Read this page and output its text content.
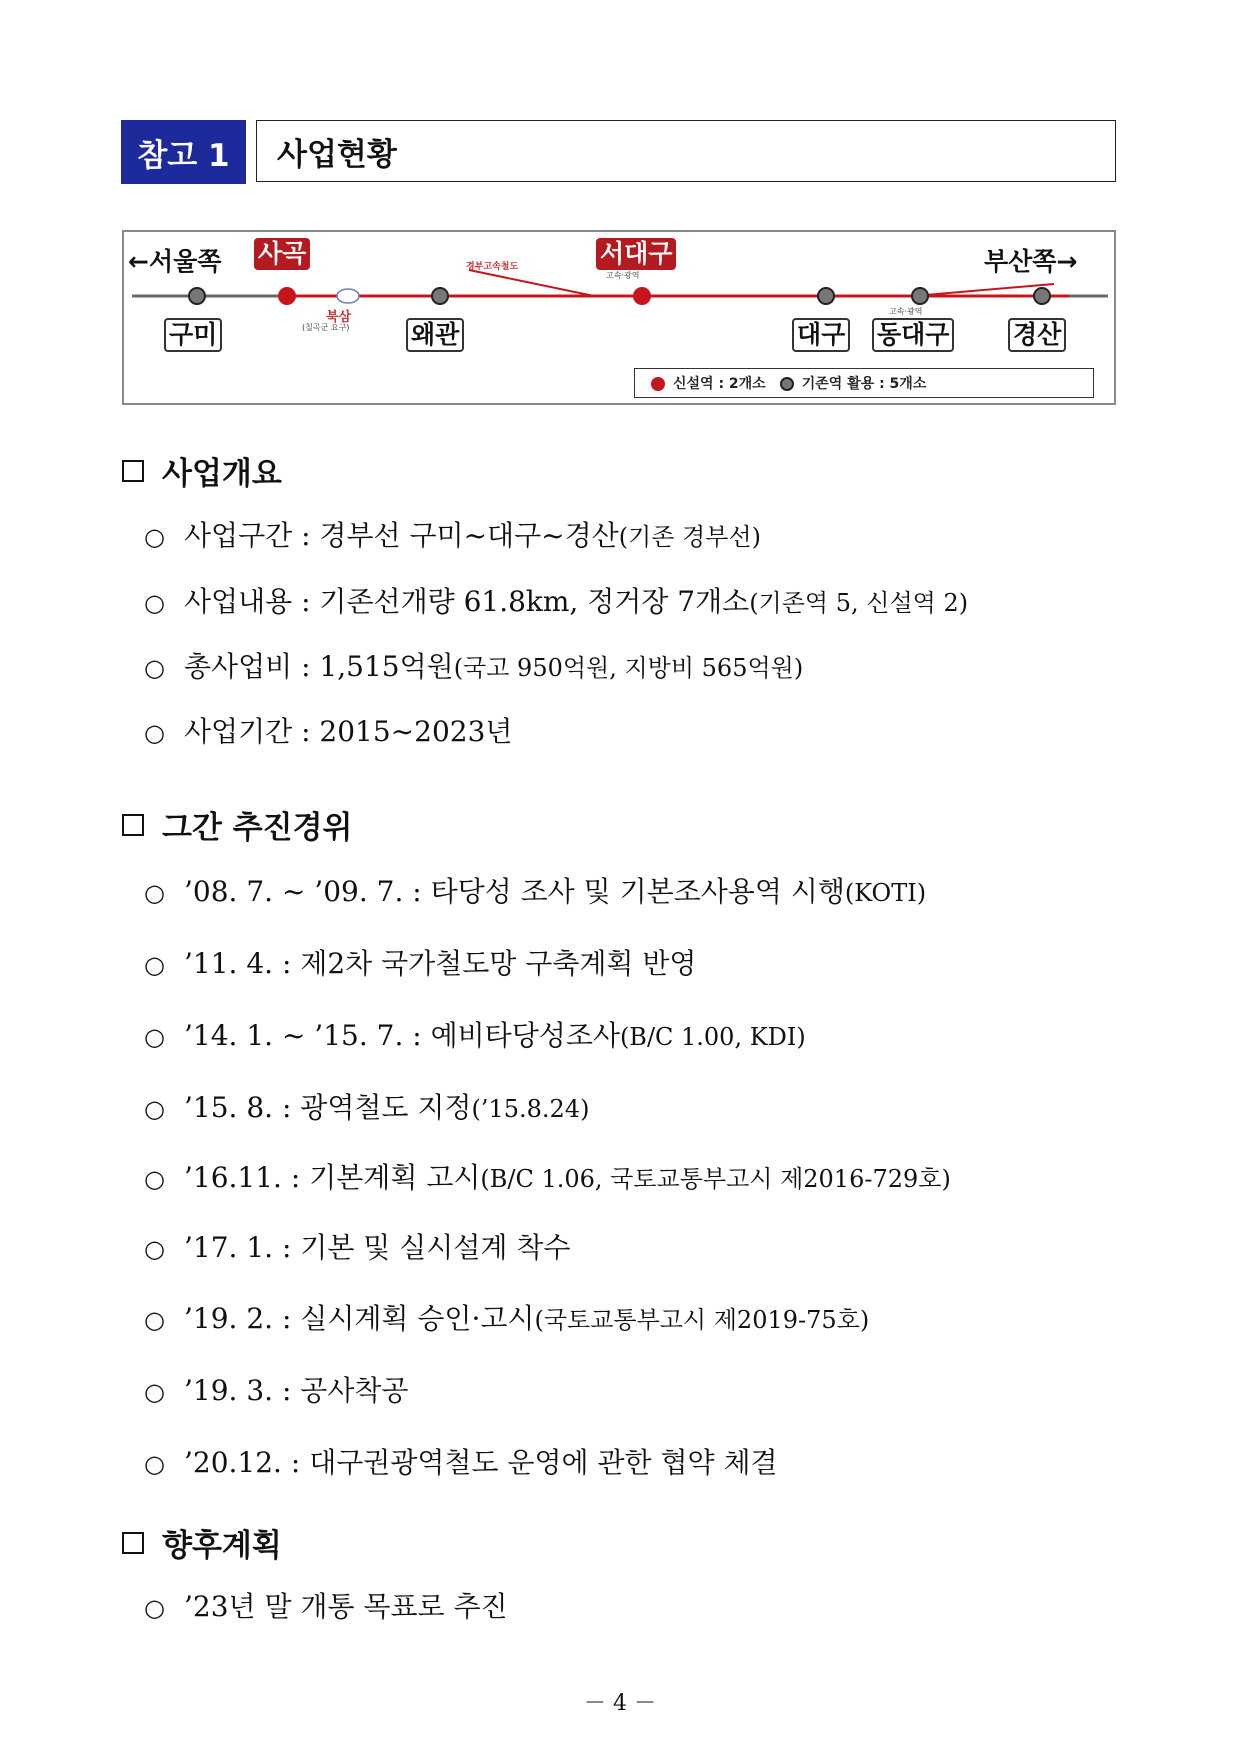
참고 1	사업현황
←서울쪽	부산쪽→
사곡	서대구
고속·광역
경부고속철도
북삼
(칠곡군 요구)
구미	왜관	대구
고속·광역
동대구	경산
신설역 : 2개소	기존역 활용 : 5개소
사업개요
○ 사업구간 : 경부선 구미~대구~경산 (기존 경부선)
○ 사업내용 : 기존선개량 61.8km, 정거장 7개소 (기존역 5, 신설역 2)
○ 총사업비 : 1,515억원 (국고 950억원, 지방비 565억원)
○ 사업기간 : 2015∼2023년
그간 추진경위
○ ’08. 7. ~ ’09. 7. : 타당성 조사 및 기본조사용역 시행 (KOTI)
○ ’11. 4. : 제2차 국가철도망 구축계획 반영
○ ’14. 1. ~ ’15. 7. : 예비타당성조사 (B/C 1.00, KDI)
○ ’15. 8. : 광역철도 지정 (’15.8.24)
○ ’16.11. : 기본계획 고시 (B/C 1.06, 국토교통부고시 제2016-729호)
○ ’17. 1. : 기본 및 실시설계 착수
○ ’19. 2. : 실시계획 승인·고시 (국토교통부고시 제2019-75호)
○ ’19. 3. : 공사착공
○ ’20.12. : 대구권광역철도 운영에 관한 협약 체결
향후계획
○ ’23년 말 개통 목표로 추진
－ 4 －
